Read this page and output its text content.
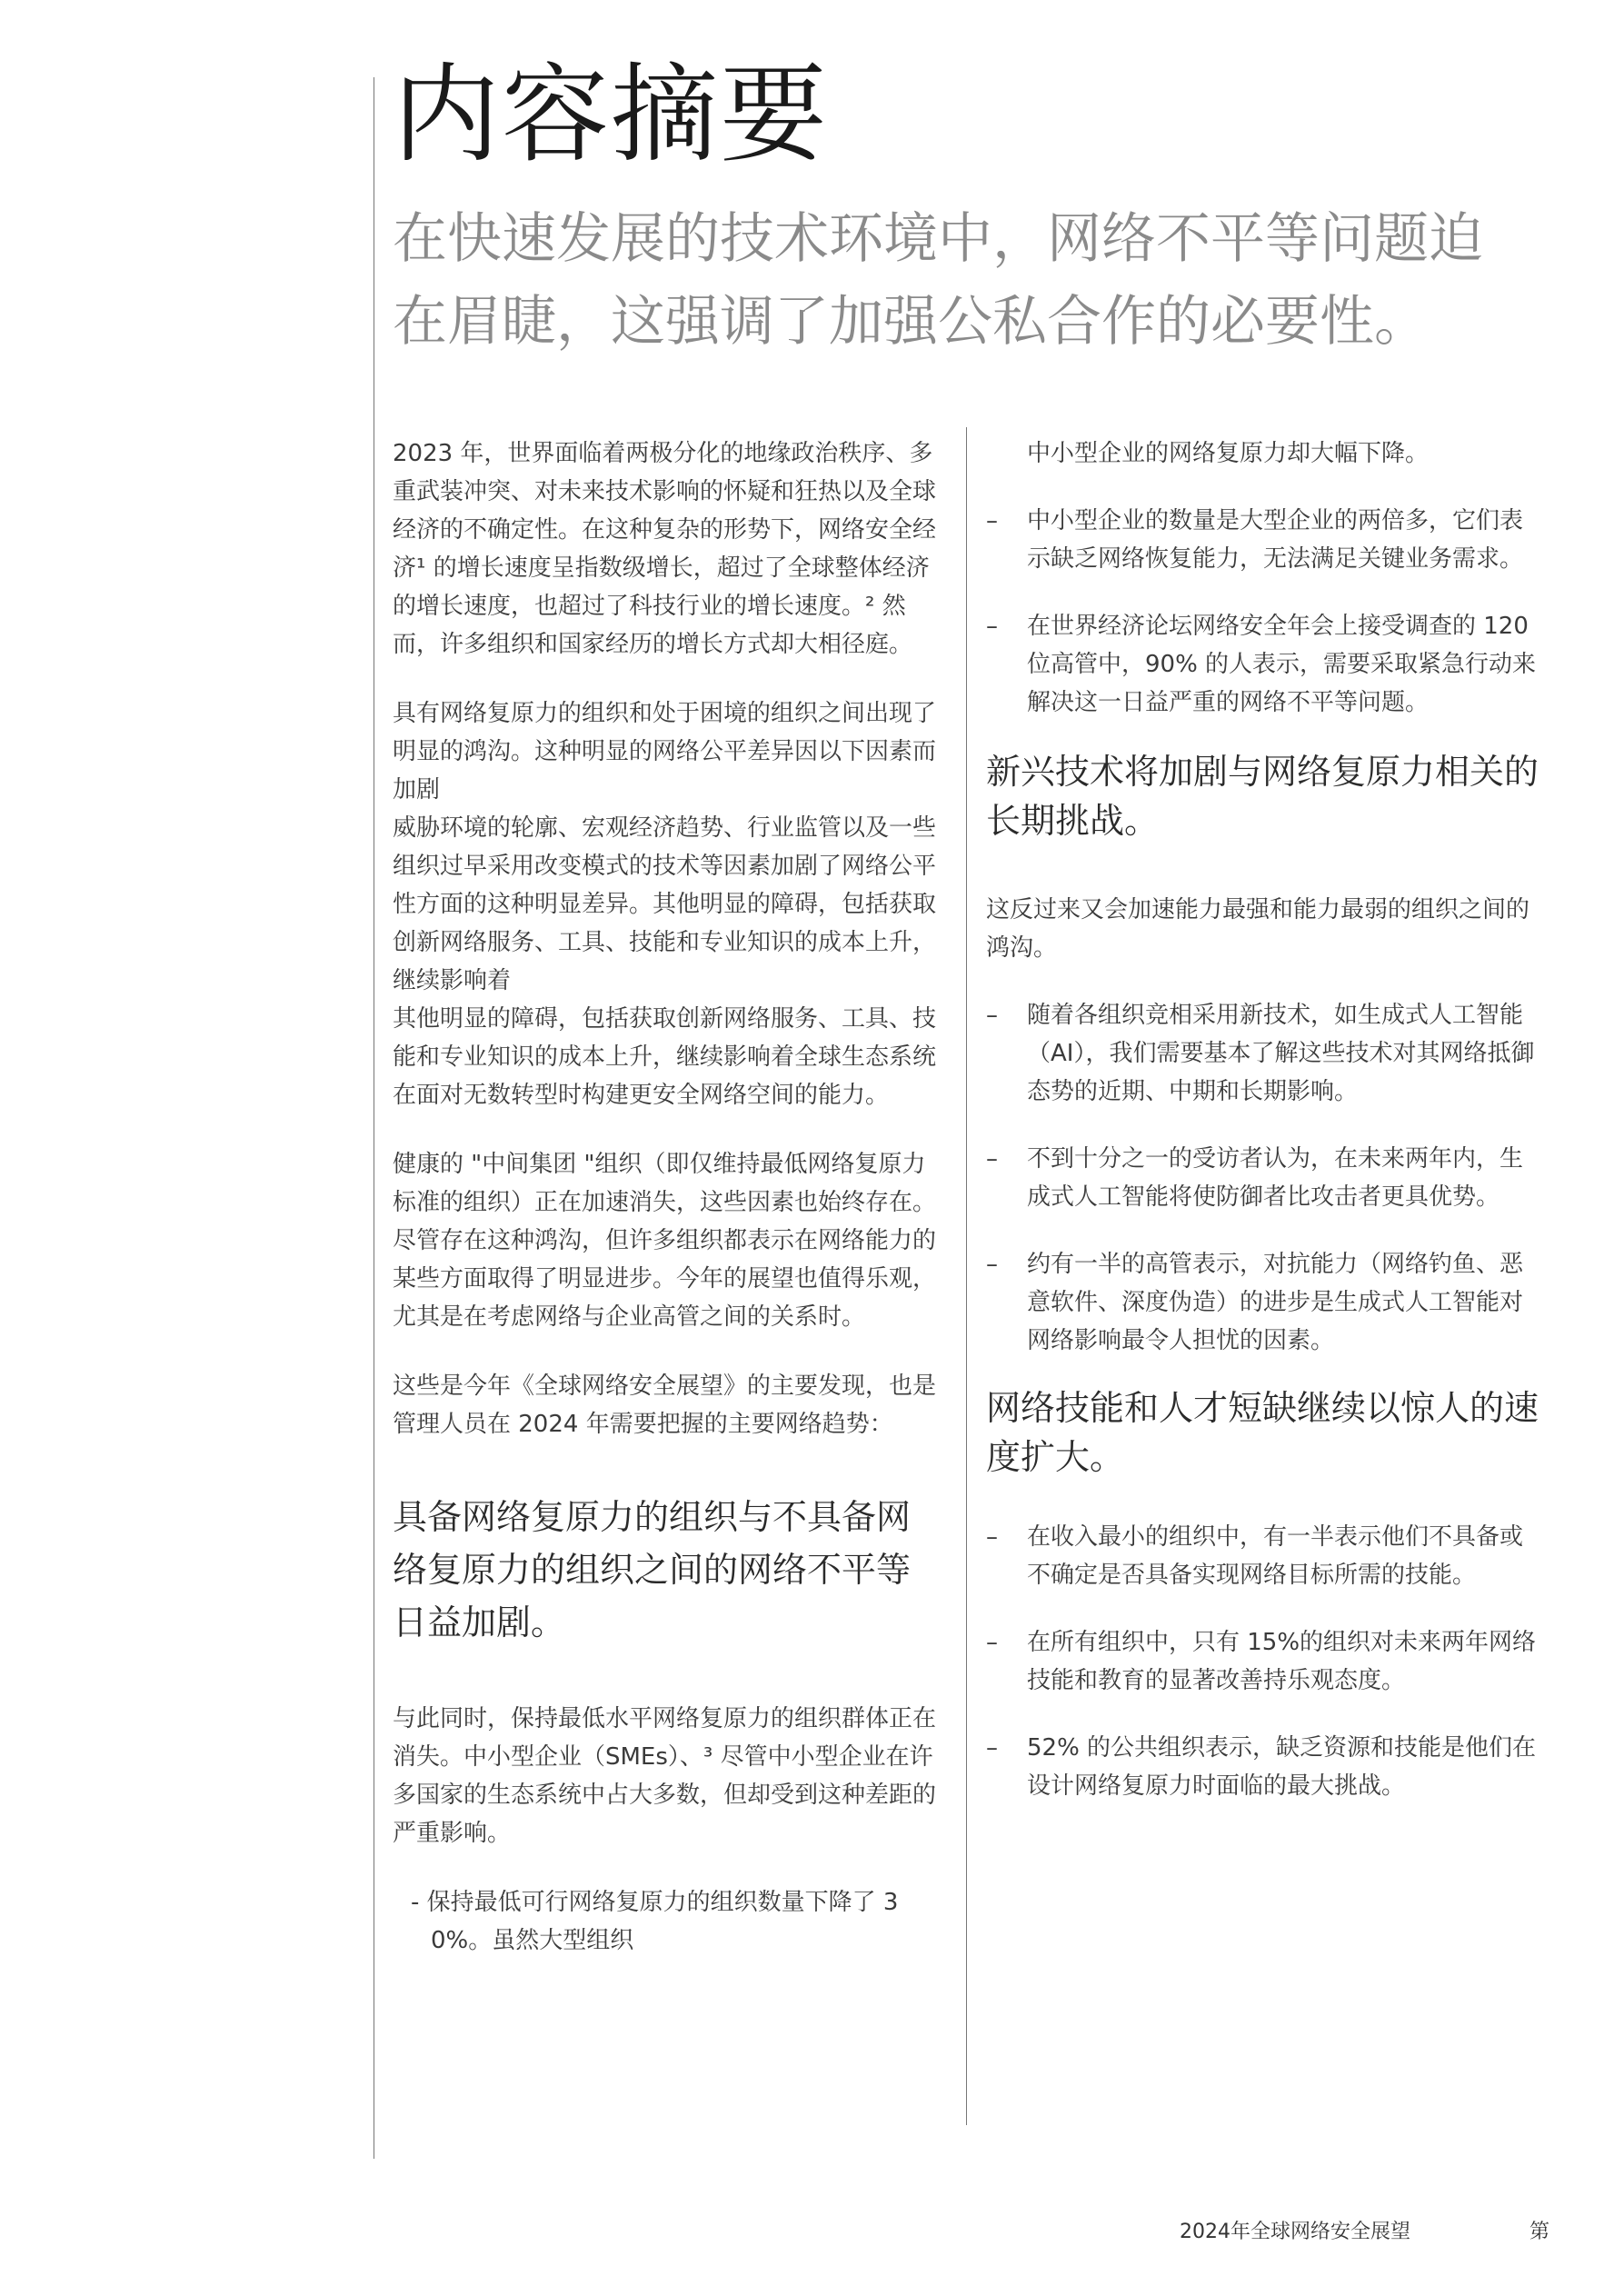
内容摘要
在快速发展的技术环境中，网络不平等问题迫在眉睫，这强调了加强公私合作的必要性。

2023 年，世界面临着两极分化的地缘政治秩序、多重武装冲突、对未来技术影响的怀疑和狂热以及全球经济的不确定性。在这种复杂的形势下，网络安全经济¹ 的增长速度呈指数级增长，超过了全球整体经济的增长速度，也超过了科技行业的增长速度。² 然而，许多组织和国家经历的增长方式却大相径庭。

具有网络复原力的组织和处于困境的组织之间出现了明显的鸿沟。这种明显的网络公平差异因以下因素而加剧

威胁环境的轮廓、宏观经济趋势、行业监管以及一些组织过早采用改变模式的技术等因素加剧了网络公平性方面的这种明显差异。其他明显的障碍，包括获取创新网络服务、工具、技能和专业知识的成本上升，继续影响着

其他明显的障碍，包括获取创新网络服务、工具、技能和专业知识的成本上升，继续影响着全球生态系统在面对无数转型时构建更安全网络空间的能力。

健康的 "中间集团 "组织（即仅维持最低网络复原力标准的组织）正在加速消失，这些因素也始终存在。尽管存在这种鸿沟，但许多组织都表示在网络能力的某些方面取得了明显进步。今年的展望也值得乐观，尤其是在考虑网络与企业高管之间的关系时。

这些是今年《全球网络安全展望》的主要发现，也是管理人员在 2024 年需要把握的主要网络趋势：

具备网络复原力的组织与不具备网络复原力的组织之间的网络不平等日益加剧。

与此同时，保持最低水平网络复原力的组织群体正在消失。中小型企业（SMEs）、³ 尽管中小型企业在许多国家的生态系统中占大多数，但却受到这种差距的严重影响。

- 保持最低可行网络复原力的组织数量下降了 30%。虽然大型组织

中小型企业的网络复原力却大幅下降。

– 中小型企业的数量是大型企业的两倍多，它们表示缺乏网络恢复能力，无法满足关键业务需求。
– 在世界经济论坛网络安全年会上接受调查的 120 位高管中，90% 的人表示，需要采取紧急行动来解决这一日益严重的网络不平等问题。
新兴技术将加剧与网络复原力相关的长期挑战。

这反过来又会加速能力最强和能力最弱的组织之间的鸿沟。

– 随着各组织竞相采用新技术，如生成式人工智能（AI），我们需要基本了解这些技术对其网络抵御态势的近期、中期和长期影响。
– 不到十分之一的受访者认为，在未来两年内，生成式人工智能将使防御者比攻击者更具优势。
– 约有一半的高管表示，对抗能力（网络钓鱼、恶意软件、深度伪造）的进步是生成式人工智能对网络影响最令人担忧的因素。
网络技能和人才短缺继续以惊人的速度扩大。
– 在收入最小的组织中，有一半表示他们不具备或不确定是否具备实现网络目标所需的技能。
– 在所有组织中，只有 15%的组织对未来两年网络技能和教育的显著改善持乐观态度。
– 52% 的公共组织表示，缺乏资源和技能是他们在设计网络复原力时面临的最大挑战。
2024年全球网络安全展望	第
